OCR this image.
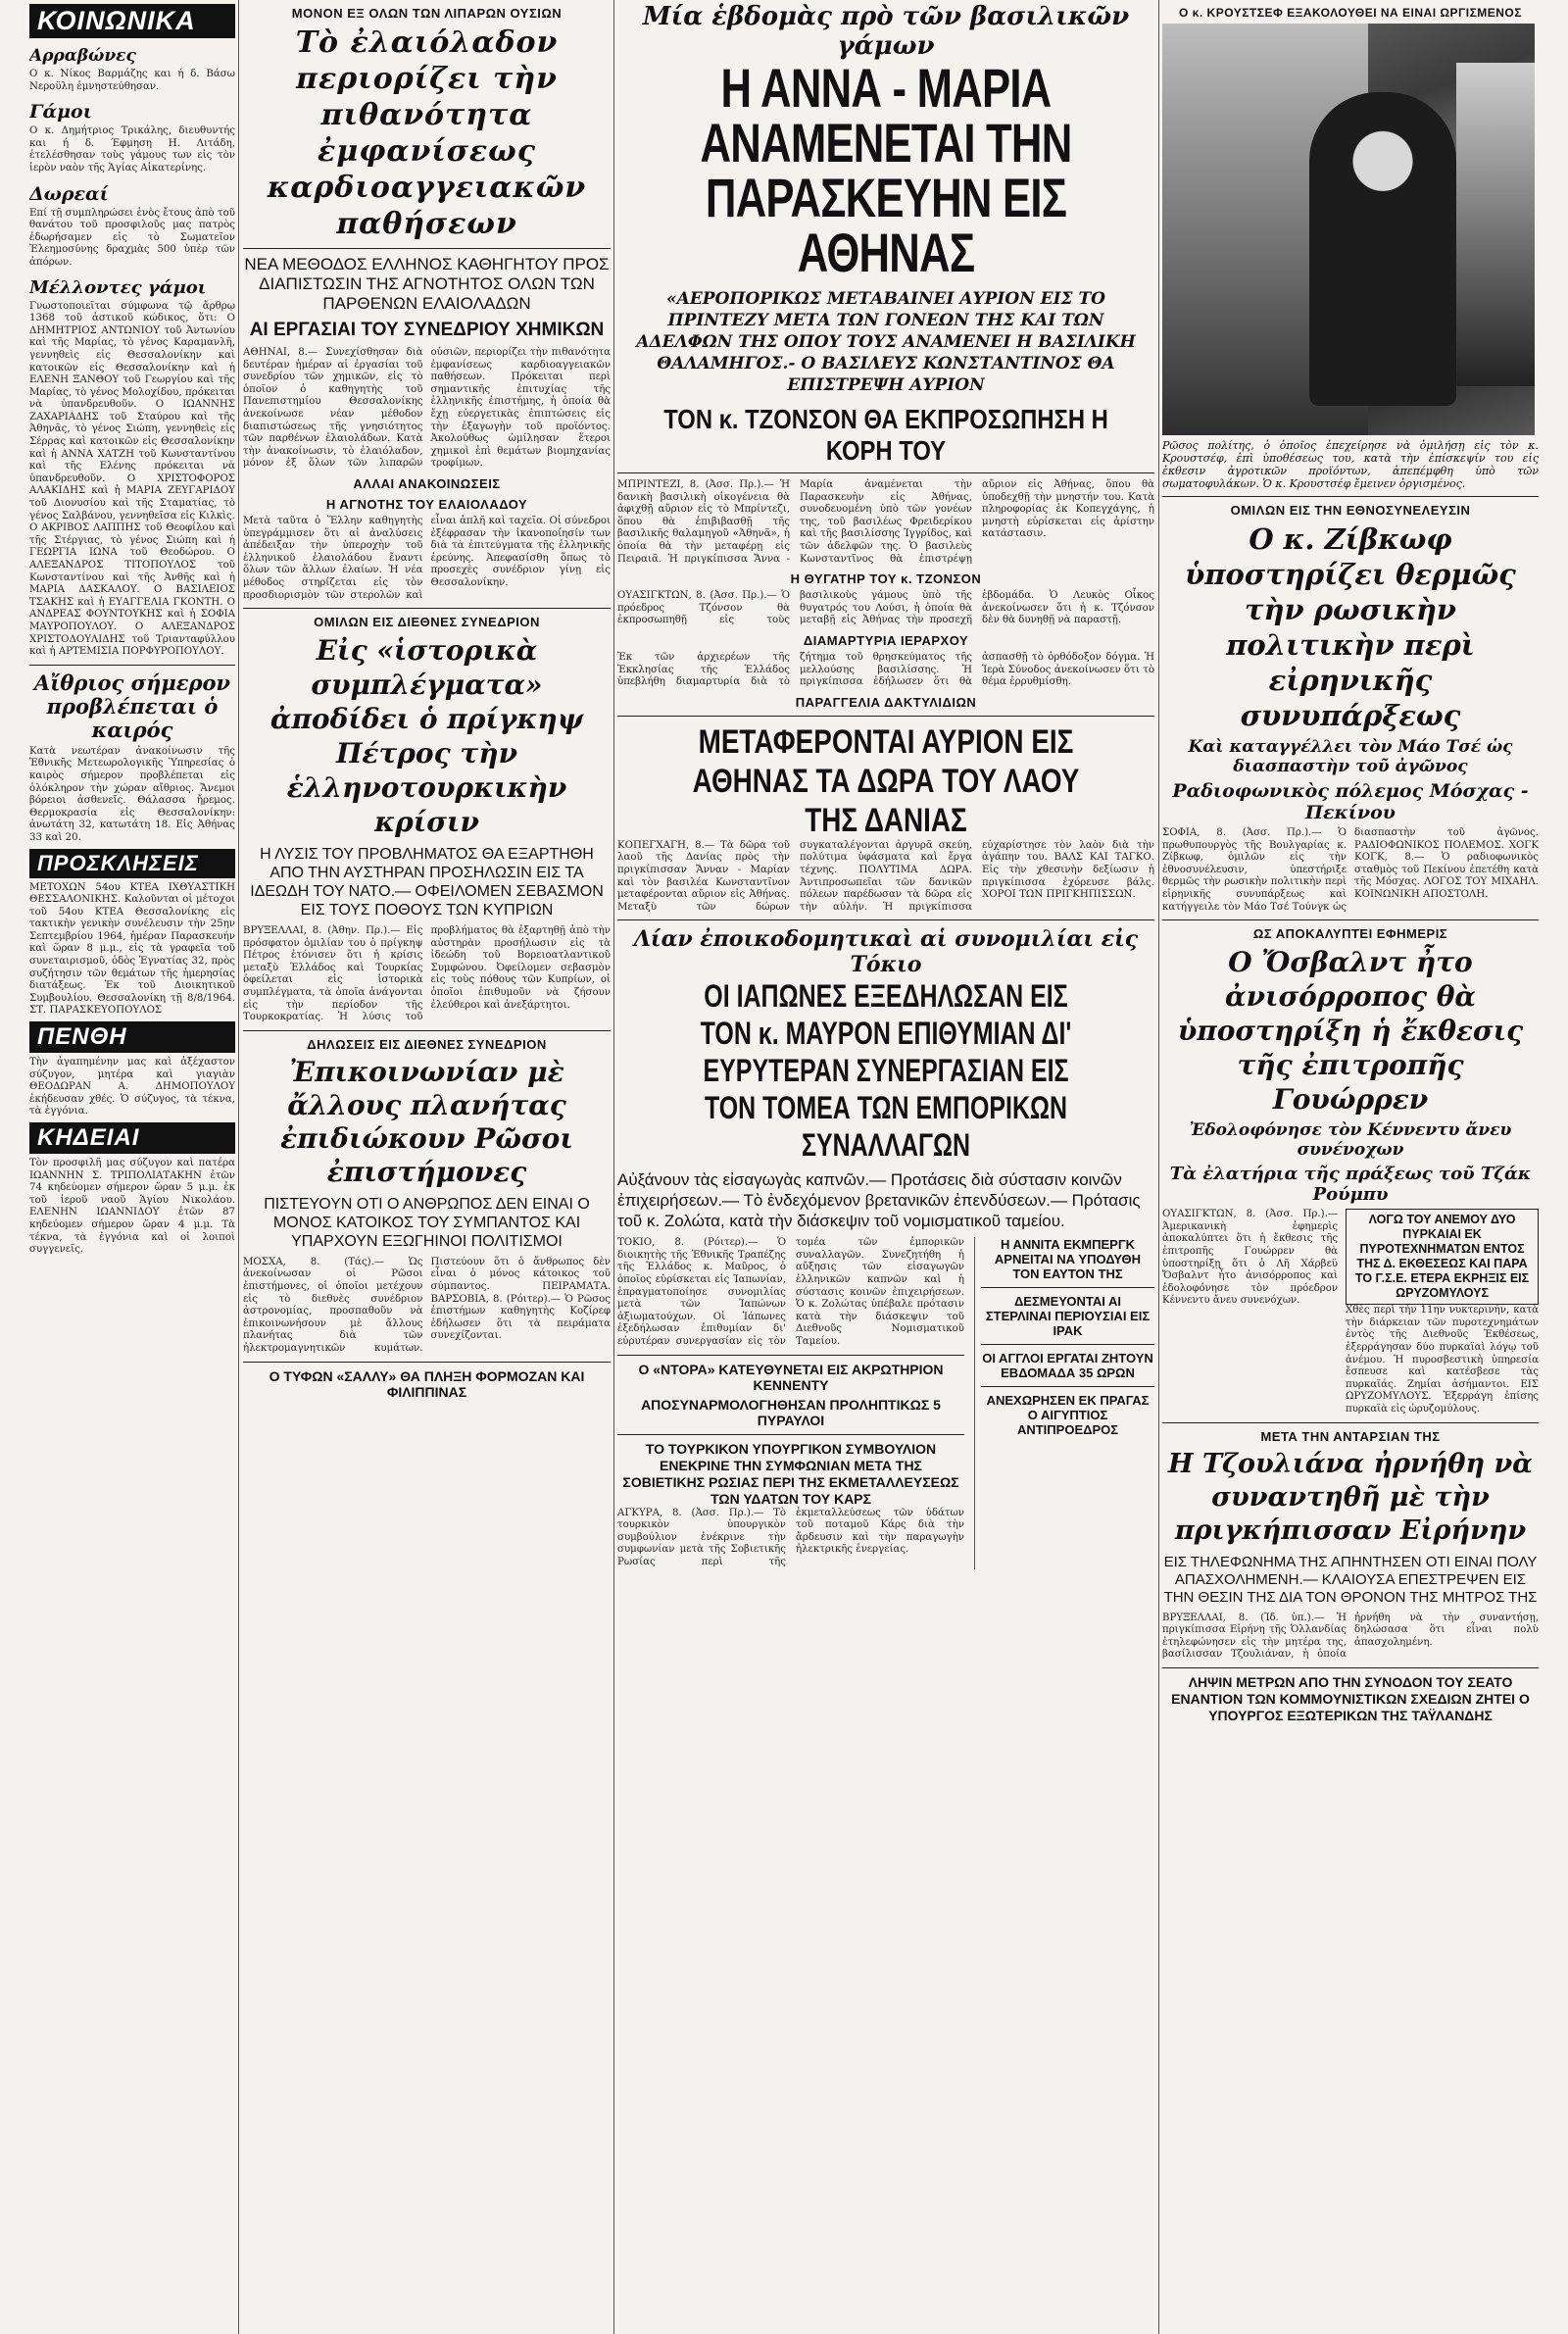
ΚΟΙΝΩΝΙΚΑ
Αρραβώνες
Ο κ. Νίκος Βαρμάζης και ή δ. Βάσω Νεροϋλη ἐμνηστεύθησαν.
Γάμοι
Ο κ. Δημήτριος Τρικάλης, διευθυντής και ή δ. Έφμηση Η. Λιτάδη, ἐτελέσθησαν τοὺς γάμους των εἰς τὸν ἱερὸν ναὸν τῆς Ἁγίας Αἰκατερίνης.
Δωρεαί
Επί τῇ συμπληρώσει ἑνὸς ἔτους ἀπὸ τοῦ θανάτου τοῦ προσφιλοῦς μας πατρὸς ἐδωρήσαμεν εἰς τὸ Σωματεῖον Ἐλεημοσύνης δραχμὰς 500 ὑπὲρ τῶν ἀπόρων.
Μέλλοντες γάμοι
Γνωστοποιεῖται σύμφωνα τῷ ἄρθρῳ 1368 τοῦ ἀστικοῦ κώδικος, ὅτι: Ο ΔΗΜΗΤΡΙΟΣ ΑΝΤΩΝΙΟΥ τοῦ Ἀντωνίου καὶ τῆς Μαρίας, τὸ γένος Καραμανλῆ, γεννηθεὶς εἰς Θεσσαλονίκην καὶ κατοικῶν εἰς Θεσσαλονίκην καὶ ἡ ΕΛΕΝΗ ΞΑΝΘΟΥ τοῦ Γεωργίου καὶ τῆς Μαρίας, τὸ γένος Μολοχίδου, πρόκειται νὰ ὑπανδρευθοῦν. Ο ΙΩΑΝΝΗΣ ΖΑΧΑΡΙΑΔΗΣ τοῦ Σταύρου καὶ τῆς Ἀθηνᾶς, τὸ γένος Σιώπη, γεννηθεὶς εἰς Σέρρας καὶ κατοικῶν εἰς Θεσσαλονίκην καὶ ἡ ΑΝΝΑ ΧΑΤΖΗ τοῦ Κωνσταντίνου καὶ τῆς Ελένης πρόκειται νὰ ὑπανδρευθοῦν. Ο ΧΡΙΣΤΟΦΟΡΟΣ ΑΛΑΚΙΔΗΣ καὶ ἡ ΜΑΡΙΑ ΖΕΥΓΑΡΙΔΟΥ τοῦ Διονυσίου καὶ τῆς Σταματίας, τὸ γένος Σαλβάνου, γεννηθεῖσα εἰς Κιλκὶς. Ο ΑΚΡΙΒΟΣ ΛΑΠΠΗΣ τοῦ Θεοφίλου καὶ τῆς Στέργιας, τὸ γένος Σιώπη καὶ ἡ ΓΕΩΡΓΙΑ ΙΩΝΑ τοῦ Θεοδώρου. Ο ΑΛΕΞΑΝΔΡΟΣ ΤΙΤΟΠΟΥΛΟΣ τοῦ Κωνσταντίνου καὶ τῆς Ἀνθῆς καὶ ἡ ΜΑΡΙΑ ΔΑΣΚΑΛΟΥ. Ο ΒΑΣΙΛΕΙΟΣ ΤΣΑΚΗΣ καὶ ἡ ΕΥΑΓΓΕΛΙΑ ΓΚΟΝΤΗ. Ο ΑΝΔΡΕΑΣ ΦΟΥΝΤΟΥΚΗΣ καὶ ἡ ΣΟΦΙΑ ΜΑΥΡΟΠΟΥΛΟΥ. Ο ΑΛΕΞΑΝΔΡΟΣ ΧΡΙΣΤΟΔΟΥΛΙΔΗΣ τοῦ Τριανταφύλλου καὶ ἡ ΑΡΤΕΜΙΣΙΑ ΠΟΡΦΥΡΟΠΟΥΛΟΥ.
Αἴθριος σήμερον προβλέπεται ὁ καιρός
Κατὰ νεωτέραν ἀνακοίνωσιν τῆς Ἐθνικῆς Μετεωρολογικῆς Ὑπηρεσίας ὁ καιρὸς σήμερον προβλέπεται εἰς ὁλόκληρον τὴν χώραν αἴθριος. Ἄνεμοι βόρειοι ἀσθενεῖς. Θάλασσα ἤρεμος. Θερμοκρασία εἰς Θεσσαλονίκην: ἀνωτάτη 32, κατωτάτη 18. Εἰς Ἀθήνας 33 καὶ 20.
ΠΡΟΣΚΛΗΣΕΙΣ
ΜΕΤΟΧΩΝ 54ου ΚΤΕΑ ΙΧΘΥΑΣΤΙΚΗ ΘΕΣΣΑΛΟΝΙΚΗΣ. Καλοῦνται οἱ μέτοχοι τοῦ 54ου ΚΤΕΑ Θεσσαλονίκης εἰς τακτικὴν γενικὴν συνέλευσιν τὴν 25ην Σεπτεμβρίου 1964, ἡμέραν Παρασκευήν καὶ ὥραν 8 μ.μ., εἰς τὰ γραφεῖα τοῦ συνεταιρισμοῦ, ὁδὸς Ἐγνατίας 32, πρὸς συζήτησιν τῶν θεμάτων τῆς ἡμερησίας διατάξεως. Ἐκ τοῦ Διοικητικοῦ Συμβουλίου. Θεσσαλονίκη τῇ 8/8/1964. ΣΤ. ΠΑΡΑΣΚΕΥΟΠΟΥΛΟΣ
ΠΕΝΘΗ
Τὴν ἀγαπημένην μας καὶ ἀξέχαστον σύζυγον, μητέρα καὶ γιαγιὰν ΘΕΟΔΩΡΑΝ Α. ΔΗΜΟΠΟΥΛΟΥ ἐκήδευσαν χθές. Ὁ σύζυγος, τὰ τέκνα, τὰ ἐγγόνια.
ΚΗΔΕΙΑΙ
Τὸν προσφιλῆ μας σύζυγον καὶ πατέρα ΙΩΑΝΝΗΝ Σ. ΤΡΙΠΟΛΙΑΤΑΚΗΝ ἐτῶν 74 κηδεύομεν σήμερον ὥραν 5 μ.μ. ἐκ τοῦ ἱεροῦ ναοῦ Ἁγίου Νικολάου. ΕΛΕΝΗΝ ΙΩΑΝΝΙΔΟΥ ἐτῶν 87 κηδεύομεν σήμερον ὥραν 4 μ.μ. Τὰ τέκνα, τὰ ἐγγόνια καὶ οἱ λοιποὶ συγγενεῖς.
ΜΟΝΟΝ ΕΞ ΟΛΩΝ ΤΩΝ ΛΙΠΑΡΩΝ ΟΥΣΙΩΝ
Τὸ ἐλαιόλαδον περιορίζει τὴν πιθανότητα ἐμφανίσεως καρδιοαγγειακῶν παθήσεων
ΝΕΑ ΜΕΘΟΔΟΣ ΕΛΛΗΝΟΣ ΚΑΘΗΓΗΤΟΥ ΠΡΟΣ ΔΙΑΠΙΣΤΩΣΙΝ ΤΗΣ ΑΓΝΟΤΗΤΟΣ ΟΛΩΝ ΤΩΝ ΠΑΡΘΕΝΩΝ ΕΛΑΙΟΛΑΔΩΝ
ΑΙ ΕΡΓΑΣΙΑΙ ΤΟΥ ΣΥΝΕΔΡΙΟΥ ΧΗΜΙΚΩΝ
ΑΘΗΝΑΙ, 8.— Συνεχίσθησαν διὰ δευτέραν ἡμέραν αἱ ἐργασίαι τοῦ συνεδρίου τῶν χημικῶν, εἰς τὸ ὁποῖον ὁ καθηγητὴς τοῦ Πανεπιστημίου Θεσσαλονίκης ἀνεκοίνωσε νέαν μέθοδον διαπιστώσεως τῆς γνησιότητος τῶν παρθένων ἐλαιολάδων. Κατὰ τὴν ἀνακοίνωσιν, τὸ ἐλαιόλαδον, μόνον ἐξ ὅλων τῶν λιπαρῶν οὐσιῶν, περιορίζει τὴν πιθανότητα ἐμφανίσεως καρδιοαγγειακῶν παθήσεων. Πρόκειται περὶ σημαντικῆς ἐπιτυχίας τῆς ἑλληνικῆς ἐπιστήμης, ἡ ὁποία θὰ ἔχῃ εὐεργετικὰς ἐπιπτώσεις εἰς τὴν ἐξαγωγὴν τοῦ προϊόντος. Ἀκολούθως ὡμίλησαν ἕτεροι χημικοὶ ἐπὶ θεμάτων βιομηχανίας τροφίμων.
ΑΛΛΑΙ ΑΝΑΚΟΙΝΩΣΕΙΣ
Η ΑΓΝΟΤΗΣ ΤΟΥ ΕΛΑΙΟΛΑΔΟΥ
Μετὰ ταῦτα ὁ Ἕλλην καθηγητὴς ὑπεγράμμισεν ὅτι αἱ ἀναλύσεις ἀπέδειξαν τὴν ὑπεροχὴν τοῦ ἑλληνικοῦ ἐλαιολάδου ἔναντι ὅλων τῶν ἄλλων ἐλαίων. Ἡ νέα μέθοδος στηρίζεται εἰς τὸν προσδιορισμὸν τῶν στερολῶν καὶ εἶναι ἁπλῆ καὶ ταχεῖα. Οἱ σύνεδροι ἐξέφρασαν τὴν ἱκανοποίησίν των διὰ τὰ ἐπιτεύγματα τῆς ἑλληνικῆς ἐρεύνης. Ἀπεφασίσθη ὅπως τὸ προσεχὲς συνέδριον γίνῃ εἰς Θεσσαλονίκην.
ΟΜΙΛΩΝ ΕΙΣ ΔΙΕΘΝΕΣ ΣΥΝΕΔΡΙΟΝ
Εἰς «ἱστορικὰ συμπλέγματα» ἀποδίδει ὁ πρίγκηψ Πέτρος τὴν ἑλληνοτουρκικὴν κρίσιν
Η ΛΥΣΙΣ ΤΟΥ ΠΡΟΒΛΗΜΑΤΟΣ ΘΑ ΕΞΑΡΤΗΘΗ ΑΠΟ ΤΗΝ ΑΥΣΤΗΡΑΝ ΠΡΟΣΗΛΩΣΙΝ ΕΙΣ ΤΑ ΙΔΕΩΔΗ ΤΟΥ ΝΑΤΟ.— ΟΦΕΙΛΟΜΕΝ ΣΕΒΑΣΜΟΝ ΕΙΣ ΤΟΥΣ ΠΟΘΟΥΣ ΤΩΝ ΚΥΠΡΙΩΝ
ΒΡΥΞΕΛΛΑΙ, 8. (Ἀθην. Πρ.).— Εἰς πρόσφατον ὁμιλίαν του ὁ πρίγκηψ Πέτρος ἐτόνισεν ὅτι ἡ κρίσις μεταξὺ Ἑλλάδος καὶ Τουρκίας ὀφείλεται εἰς ἱστορικὰ συμπλέγματα, τὰ ὁποῖα ἀνάγονται εἰς τὴν περίοδον τῆς Τουρκοκρατίας. Ἡ λύσις τοῦ προβλήματος θὰ ἐξαρτηθῇ ἀπὸ τὴν αὐστηρὰν προσήλωσιν εἰς τὰ ἰδεώδη τοῦ Βορειοατλαντικοῦ Συμφώνου. Ὀφείλομεν σεβασμὸν εἰς τοὺς πόθους τῶν Κυπρίων, οἱ ὁποῖοι ἐπιθυμοῦν νὰ ζήσουν ἐλεύθεροι καὶ ἀνεξάρτητοι.
ΔΗΛΩΣΕΙΣ ΕΙΣ ΔΙΕΘΝΕΣ ΣΥΝΕΔΡΙΟΝ
Ἐπικοινωνίαν μὲ ἄλλους πλανήτας ἐπιδιώκουν Ρῶσοι ἐπιστήμονες
ΠΙΣΤΕΥΟΥΝ ΟΤΙ Ο ΑΝΘΡΩΠΟΣ ΔΕΝ ΕΙΝΑΙ Ο ΜΟΝΟΣ ΚΑΤΟΙΚΟΣ ΤΟΥ ΣΥΜΠΑΝΤΟΣ ΚΑΙ ΥΠΑΡΧΟΥΝ ΕΞΩΓΗΙΝΟΙ ΠΟΛΙΤΙΣΜΟΙ
ΜΟΣΧΑ, 8. (Τάς).— Ὡς ἀνεκοίνωσαν οἱ Ρῶσοι ἐπιστήμονες, οἱ ὁποῖοι μετέχουν εἰς τὸ διεθνὲς συνέδριον ἀστρονομίας, προσπαθοῦν νὰ ἐπικοινωνήσουν μὲ ἄλλους πλανήτας διὰ τῶν ἠλεκτρομαγνητικῶν κυμάτων. Πιστεύουν ὅτι ὁ ἄνθρωπος δὲν εἶναι ὁ μόνος κάτοικος τοῦ σύμπαντος. ΠΕΙΡΑΜΑΤΑ. ΒΑΡΣΟΒΙΑ, 8. (Ρόιτερ).— Ὁ Ρῶσος ἐπιστήμων καθηγητὴς Κοζίρεφ ἐδήλωσεν ὅτι τὰ πειράματα συνεχίζονται.
Ο ΤΥΦΩΝ «ΣΑΛΛΥ» ΘΑ ΠΛΗΞΗ ΦΟΡΜΟΖΑΝ ΚΑΙ ΦΙΛΙΠΠΙΝΑΣ
Μία ἑβδομὰς πρὸ τῶν βασιλικῶν γάμων
Η ΑΝΝΑ - ΜΑΡΙΑ ΑΝΑΜΕΝΕΤΑΙ ΤΗΝ ΠΑΡΑΣΚΕΥΗΝ ΕΙΣ ΑΘΗΝΑΣ
«ΑΕΡΟΠΟΡΙΚΩΣ ΜΕΤΑΒΑΙΝΕΙ ΑΥΡΙΟΝ ΕΙΣ ΤΟ ΠΡΙΝΤΕΖΥ ΜΕΤΑ ΤΩΝ ΓΟΝΕΩΝ ΤΗΣ ΚΑΙ ΤΩΝ ΑΔΕΛΦΩΝ ΤΗΣ ΟΠΟΥ ΤΟΥΣ ΑΝΑΜΕΝΕΙ Η ΒΑΣΙΛΙΚΗ ΘΑΛΑΜΗΓΟΣ.- Ο ΒΑΣΙΛΕΥΣ ΚΩΝΣΤΑΝΤΙΝΟΣ ΘΑ ΕΠΙΣΤΡΕΨΗ ΑΥΡΙΟΝ
ΤΟΝ κ. ΤΖΟΝΣΟΝ ΘΑ ΕΚΠΡΟΣΩΠΗΣΗ Η ΚΟΡΗ ΤΟΥ
ΜΠΡΙΝΤΕΖΙ, 8. (Ἀσσ. Πρ.).— Ἡ δανικὴ βασιλικὴ οἰκογένεια θὰ ἀφιχθῇ αὔριον εἰς τὸ Μπρίντεζι, ὅπου θὰ ἐπιβιβασθῇ τῆς βασιλικῆς θαλαμηγοῦ «Ἀθηνᾶ», ἡ ὁποία θὰ τὴν μεταφέρῃ εἰς Πειραιᾶ. Ἡ πριγκίπισσα Ἄννα - Μαρία ἀναμένεται τὴν Παρασκευὴν εἰς Ἀθήνας, συνοδευομένη ὑπὸ τῶν γονέων της, τοῦ βασιλέως Φρειδερίκου καὶ τῆς βασιλίσσης Ἰγγρίδος, καὶ τῶν ἀδελφῶν της. Ὁ βασιλεὺς Κωνσταντῖνος θὰ ἐπιστρέψῃ αὔριον εἰς Ἀθήνας, ὅπου θὰ ὑποδεχθῇ τὴν μνηστήν του. Κατὰ πληροφορίας ἐκ Κοπεγχάγης, ἡ μνηστὴ εὑρίσκεται εἰς ἀρίστην κατάστασιν.
Η ΘΥΓΑΤΗΡ ΤΟΥ κ. ΤΖΟΝΣΟΝ
ΟΥΑΣΙΓΚΤΩΝ, 8. (Ἀσσ. Πρ.).— Ὁ πρόεδρος Τζόνσον θὰ ἐκπροσωπηθῇ εἰς τοὺς βασιλικοὺς γάμους ὑπὸ τῆς θυγατρός του Λούσι, ἡ ὁποία θὰ μεταβῇ εἰς Ἀθήνας τὴν προσεχῆ ἑβδομάδα. Ὁ Λευκὸς Οἶκος ἀνεκοίνωσεν ὅτι ἡ κ. Τζόνσον δὲν θὰ δυνηθῇ νὰ παραστῇ.
ΔΙΑΜΑΡΤΥΡΙΑ ΙΕΡΑΡΧΟΥ
Ἐκ τῶν ἀρχιερέων τῆς Ἐκκλησίας τῆς Ἑλλάδος ὑπεβλήθη διαμαρτυρία διὰ τὸ ζήτημα τοῦ θρησκεύματος τῆς μελλούσης βασιλίσσης. Ἡ πριγκίπισσα ἐδήλωσεν ὅτι θὰ ἀσπασθῇ τὸ ὀρθόδοξον δόγμα. Ἡ Ἱερὰ Σύνοδος ἀνεκοίνωσεν ὅτι τὸ θέμα ἐρρυθμίσθη.
ΠΑΡΑΓΓΕΛΙΑ ΔΑΚΤΥΛΙΔΙΩΝ
ΜΕΤΑΦΕΡΟΝΤΑΙ ΑΥΡΙΟΝ ΕΙΣ ΑΘΗΝΑΣ ΤΑ ΔΩΡΑ ΤΟΥ ΛΑΟΥ ΤΗΣ ΔΑΝΙΑΣ
ΚΟΠΕΓΧΑΓΗ, 8.— Τὰ δῶρα τοῦ λαοῦ τῆς Δανίας πρὸς τὴν πριγκίπισσαν Ἄνναν - Μαρίαν καὶ τὸν βασιλέα Κωνσταντῖνον μεταφέρονται αὔριον εἰς Ἀθήνας. Μεταξὺ τῶν δώρων συγκαταλέγονται ἀργυρᾶ σκεύη, πολύτιμα ὑφάσματα καὶ ἔργα τέχνης. ΠΟΛΥΤΙΜΑ ΔΩΡΑ. Ἀντιπροσωπεῖαι τῶν δανικῶν πόλεων παρέδωσαν τὰ δῶρα εἰς τὴν αὐλήν. Ἡ πριγκίπισσα εὐχαρίστησε τὸν λαὸν διὰ τὴν ἀγάπην του. ΒΑΛΣ ΚΑΙ ΤΑΓΚΟ. Εἰς τὴν χθεσινὴν δεξίωσιν ἡ πριγκίπισσα ἐχόρευσε βάλς. ΧΟΡΟΙ ΤΩΝ ΠΡΙΓΚΗΠΙΣΣΩΝ.
Λίαν ἐποικοδομητικαὶ αἱ συνομιλίαι εἰς Τόκιο
ΟΙ ΙΑΠΩΝΕΣ ΕΞΕΔΗΛΩΣΑΝ ΕΙΣ ΤΟΝ κ. ΜΑΥΡΟΝ ΕΠΙΘΥΜΙΑΝ ΔΙ' ΕΥΡΥΤΕΡΑΝ ΣΥΝΕΡΓΑΣΙΑΝ ΕΙΣ ΤΟΝ ΤΟΜΕΑ ΤΩΝ ΕΜΠΟΡΙΚΩΝ ΣΥΝΑΛΛΑΓΩΝ
Αὐξάνουν τὰς εἰσαγωγὰς καπνῶν.— Προτάσεις διὰ σύστασιν κοινῶν ἐπιχειρήσεων.— Τὸ ἐνδεχόμενον βρετανικῶν ἐπενδύσεων.— Πρότασις τοῦ κ. Ζολώτα, κατὰ τὴν διάσκεψιν τοῦ νομισματικοῦ ταμείου.
ΤΟΚΙΟ, 8. (Ρόιτερ).— Ὁ διοικητὴς τῆς Ἐθνικῆς Τραπέζης τῆς Ἑλλάδος κ. Μαῦρος, ὁ ὁποῖος εὑρίσκεται εἰς Ἰαπωνίαν, ἐπραγματοποίησε συνομιλίας μετὰ τῶν Ἰαπώνων ἀξιωματούχων. Οἱ Ἰάπωνες ἐξεδήλωσαν ἐπιθυμίαν δι' εὐρυτέραν συνεργασίαν εἰς τὸν τομέα τῶν ἐμπορικῶν συναλλαγῶν. Συνεζητήθη ἡ αὔξησις τῶν εἰσαγωγῶν ἑλληνικῶν καπνῶν καὶ ἡ σύστασις κοινῶν ἐπιχειρήσεων. Ὁ κ. Ζολώτας ὑπέβαλε πρότασιν κατὰ τὴν διάσκεψιν τοῦ Διεθνοῦς Νομισματικοῦ Ταμείου.
Ο «ΝΤΟΡΑ» ΚΑΤΕΥΘΥΝΕΤΑΙ ΕΙΣ ΑΚΡΩΤΗΡΙΟΝ ΚΕΝΝΕΝΤΥ
ΑΠΟΣΥΝΑΡΜΟΛΟΓΗΘΗΣΑΝ ΠΡΟΛΗΠΤΙΚΩΣ 5 ΠΥΡΑΥΛΟΙ
ΤΟ ΤΟΥΡΚΙΚΟΝ ΥΠΟΥΡΓΙΚΟΝ ΣΥΜΒΟΥΛΙΟΝ ΕΝΕΚΡΙΝΕ ΤΗΝ ΣΥΜΦΩΝΙΑΝ ΜΕΤΑ ΤΗΣ ΣΟΒΙΕΤΙΚΗΣ ΡΩΣΙΑΣ ΠΕΡΙ ΤΗΣ ΕΚΜΕΤΑΛΛΕΥΣΕΩΣ ΤΩΝ ΥΔΑΤΩΝ ΤΟΥ ΚΑΡΣ
ΑΓΚΥΡΑ, 8. (Ἀσσ. Πρ.).— Τὸ τουρκικὸν ὑπουργικὸν συμβούλιον ἐνέκρινε τὴν συμφωνίαν μετὰ τῆς Σοβιετικῆς Ρωσίας περὶ τῆς ἐκμεταλλεύσεως τῶν ὑδάτων τοῦ ποταμοῦ Κάρς διὰ τὴν ἄρδευσιν καὶ τὴν παραγωγὴν ἠλεκτρικῆς ἐνεργείας.
Η ΑΝΝΙΤΑ ΕΚΜΠΕΡΓΚ ΑΡΝΕΙΤΑΙ ΝΑ ΥΠΟΔΥΘΗ ΤΟΝ ΕΑΥΤΟΝ ΤΗΣ
ΔΕΣΜΕΥΟΝΤΑΙ ΑΙ ΣΤΕΡΛΙΝΑΙ ΠΕΡΙΟΥΣΙΑΙ ΕΙΣ ΙΡΑΚ
ΟΙ ΑΓΓΛΟΙ ΕΡΓΑΤΑΙ ΖΗΤΟΥΝ ΕΒΔΟΜΑΔΑ 35 ΩΡΩΝ
ΑΝΕΧΩΡΗΣΕΝ ΕΚ ΠΡΑΓΑΣ Ο ΑΙΓΥΠΤΙΟΣ ΑΝΤΙΠΡΟΕΔΡΟΣ
Ο κ. ΚΡΟΥΣΤΣΕΦ ΕΞΑΚΟΛΟΥΘΕΙ ΝΑ ΕΙΝΑΙ ΩΡΓΙΣΜΕΝΟΣ
Ρῶσος πολίτης, ὁ ὁποῖος ἐπεχείρησε νὰ ὁμιλήσῃ εἰς τὸν κ. Κρουστσέφ, ἐπὶ ὑποθέσεως του, κατὰ τὴν ἐπίσκεψίν του εἰς ἐκθεσιν ἀγροτικῶν προϊόντων, ἀπεπέμφθη ὑπὸ τῶν σωματοφυλάκων. Ὁ κ. Κρουστσέφ ἔμεινεν ὀργισμένος.
ΟΜΙΛΩΝ ΕΙΣ ΤΗΝ ΕΘΝΟΣΥΝΕΛΕΥΣΙΝ
Ο κ. Ζίβκωφ ὑποστηρίζει θερμῶς τὴν ρωσικὴν πολιτικὴν περὶ εἰρηνικῆς συνυπάρξεως
Καὶ καταγγέλλει τὸν Μάο Τσέ ὡς διασπαστὴν τοῦ ἀγῶνος
Ραδιοφωνικὸς πόλεμος Μόσχας - Πεκίνου
ΣΟΦΙΑ, 8. (Ἀσσ. Πρ.).— Ὁ πρωθυπουργὸς τῆς Βουλγαρίας κ. Ζίβκωφ, ὁμιλῶν εἰς τὴν ἐθνοσυνέλευσιν, ὑπεστήριξε θερμῶς τὴν ρωσικὴν πολιτικὴν περὶ εἰρηνικῆς συνυπάρξεως καὶ κατήγγειλε τὸν Μάο Τσέ Τούνγκ ὡς διασπαστὴν τοῦ ἀγῶνος. ΡΑΔΙΟΦΩΝΙΚΟΣ ΠΟΛΕΜΟΣ. ΧΟΓΚ ΚΟΓΚ, 8.— Ὁ ραδιοφωνικὸς σταθμὸς τοῦ Πεκίνου ἐπετέθη κατὰ τῆς Μόσχας. ΛΟΓΟΣ ΤΟΥ ΜΙΧΑΗΛ. ΚΟΙΝΩΝΙΚΗ ΑΠΟΣΤΟΛΗ.
ΩΣ ΑΠΟΚΑΛΥΠΤΕΙ ΕΦΗΜΕΡΙΣ
Ο Ὄσβαλντ ἦτο ἀνισόρροπος θὰ ὑποστηρίξη ἡ ἔκθεσις τῆς ἐπιτροπῆς Γουώρρεν
Ἐδολοφόνησε τὸν Κέννεντυ ἄνευ συνένοχων
Τὰ ἐλατήρια τῆς πράξεως τοῦ Τζάκ Ρούμπυ
ΟΥΑΣΙΓΚΤΩΝ, 8. (Ἀσσ. Πρ.).— Ἀμερικανικὴ ἐφημερὶς ἀποκαλύπτει ὅτι ἡ ἔκθεσις τῆς ἐπιτροπῆς Γουώρρεν θὰ ὑποστηρίξῃ ὅτι ὁ Λῆ Χάρβεϋ Ὄσβαλντ ἦτο ἀνισόρροπος καὶ ἐδολοφόνησε τὸν πρόεδρον Κέννεντυ ἄνευ συνενόχων.
ΛΟΓΩ ΤΟΥ ΑΝΕΜΟΥ ΔΥΟ ΠΥΡΚΑΙΑΙ ΕΚ ΠΥΡΟΤΕΧΝΗΜΑΤΩΝ ΕΝΤΟΣ ΤΗΣ Δ. ΕΚΘΕΣΕΩΣ ΚΑΙ ΠΑΡΑ ΤΟ Γ.Σ.Ε. ΕΤΕΡΑ ΕΚΡΗΞΙΣ ΕΙΣ ΩΡΥΖΟΜΥΛΟΥΣ
Χθὲς περὶ τὴν 11ην νυκτερινήν, κατὰ τὴν διάρκειαν τῶν πυροτεχνημάτων ἐντὸς τῆς Διεθνοῦς Ἐκθέσεως, ἐξερράγησαν δύο πυρκαϊαὶ λόγῳ τοῦ ἀνέμου. Ἡ πυροσβεστικὴ ὑπηρεσία ἔσπευσε καὶ κατέσβεσε τὰς πυρκαϊάς. Ζημίαι ἀσήμαντοι. ΕΙΣ ΩΡΥΖΟΜΥΛΟΥΣ. Ἐξερράγη ἐπίσης πυρκαϊὰ εἰς ὠρυζομύλους.
ΜΕΤΑ ΤΗΝ ΑΝΤΑΡΣΙΑΝ ΤΗΣ
Η Τζουλιάνα ἠρνήθη νὰ συναντηθῆ μὲ τὴν πριγκήπισσαν Εἰρήνην
ΕΙΣ ΤΗΛΕΦΩΝΗΜΑ ΤΗΣ ΑΠΗΝΤΗΣΕΝ ΟΤΙ ΕΙΝΑΙ ΠΟΛΥ ΑΠΑΣΧΟΛΗΜΕΝΗ.— ΚΛΑΙΟΥΣΑ ΕΠΕΣΤΡΕΨΕΝ ΕΙΣ ΤΗΝ ΘΕΣΙΝ ΤΗΣ ΔΙΑ ΤΟΝ ΘΡΟΝΟΝ ΤΗΣ ΜΗΤΡΟΣ ΤΗΣ
ΒΡΥΞΕΛΛΑΙ, 8. (Ἰδ. ὑπ.).— Ἡ πριγκίπισσα Εἰρήνη τῆς Ὀλλανδίας ἐτηλεφώνησεν εἰς τὴν μητέρα της, βασίλισσαν Τζουλιάναν, ἡ ὁποία ἠρνήθη νὰ τὴν συναντήσῃ, δηλώσασα ὅτι εἶναι πολὺ ἀπασχολημένη.
ΛΗΨΙΝ ΜΕΤΡΩΝ ΑΠΟ ΤΗΝ ΣΥΝΟΔΟΝ ΤΟΥ ΣΕΑΤΟ ΕΝΑΝΤΙΟΝ ΤΩΝ ΚΟΜΜΟΥΝΙΣΤΙΚΩΝ ΣΧΕΔΙΩΝ ΖΗΤΕΙ Ο ΥΠΟΥΡΓΟΣ ΕΞΩΤΕΡΙΚΩΝ ΤΗΣ ΤΑΫΛΑΝΔΗΣ
